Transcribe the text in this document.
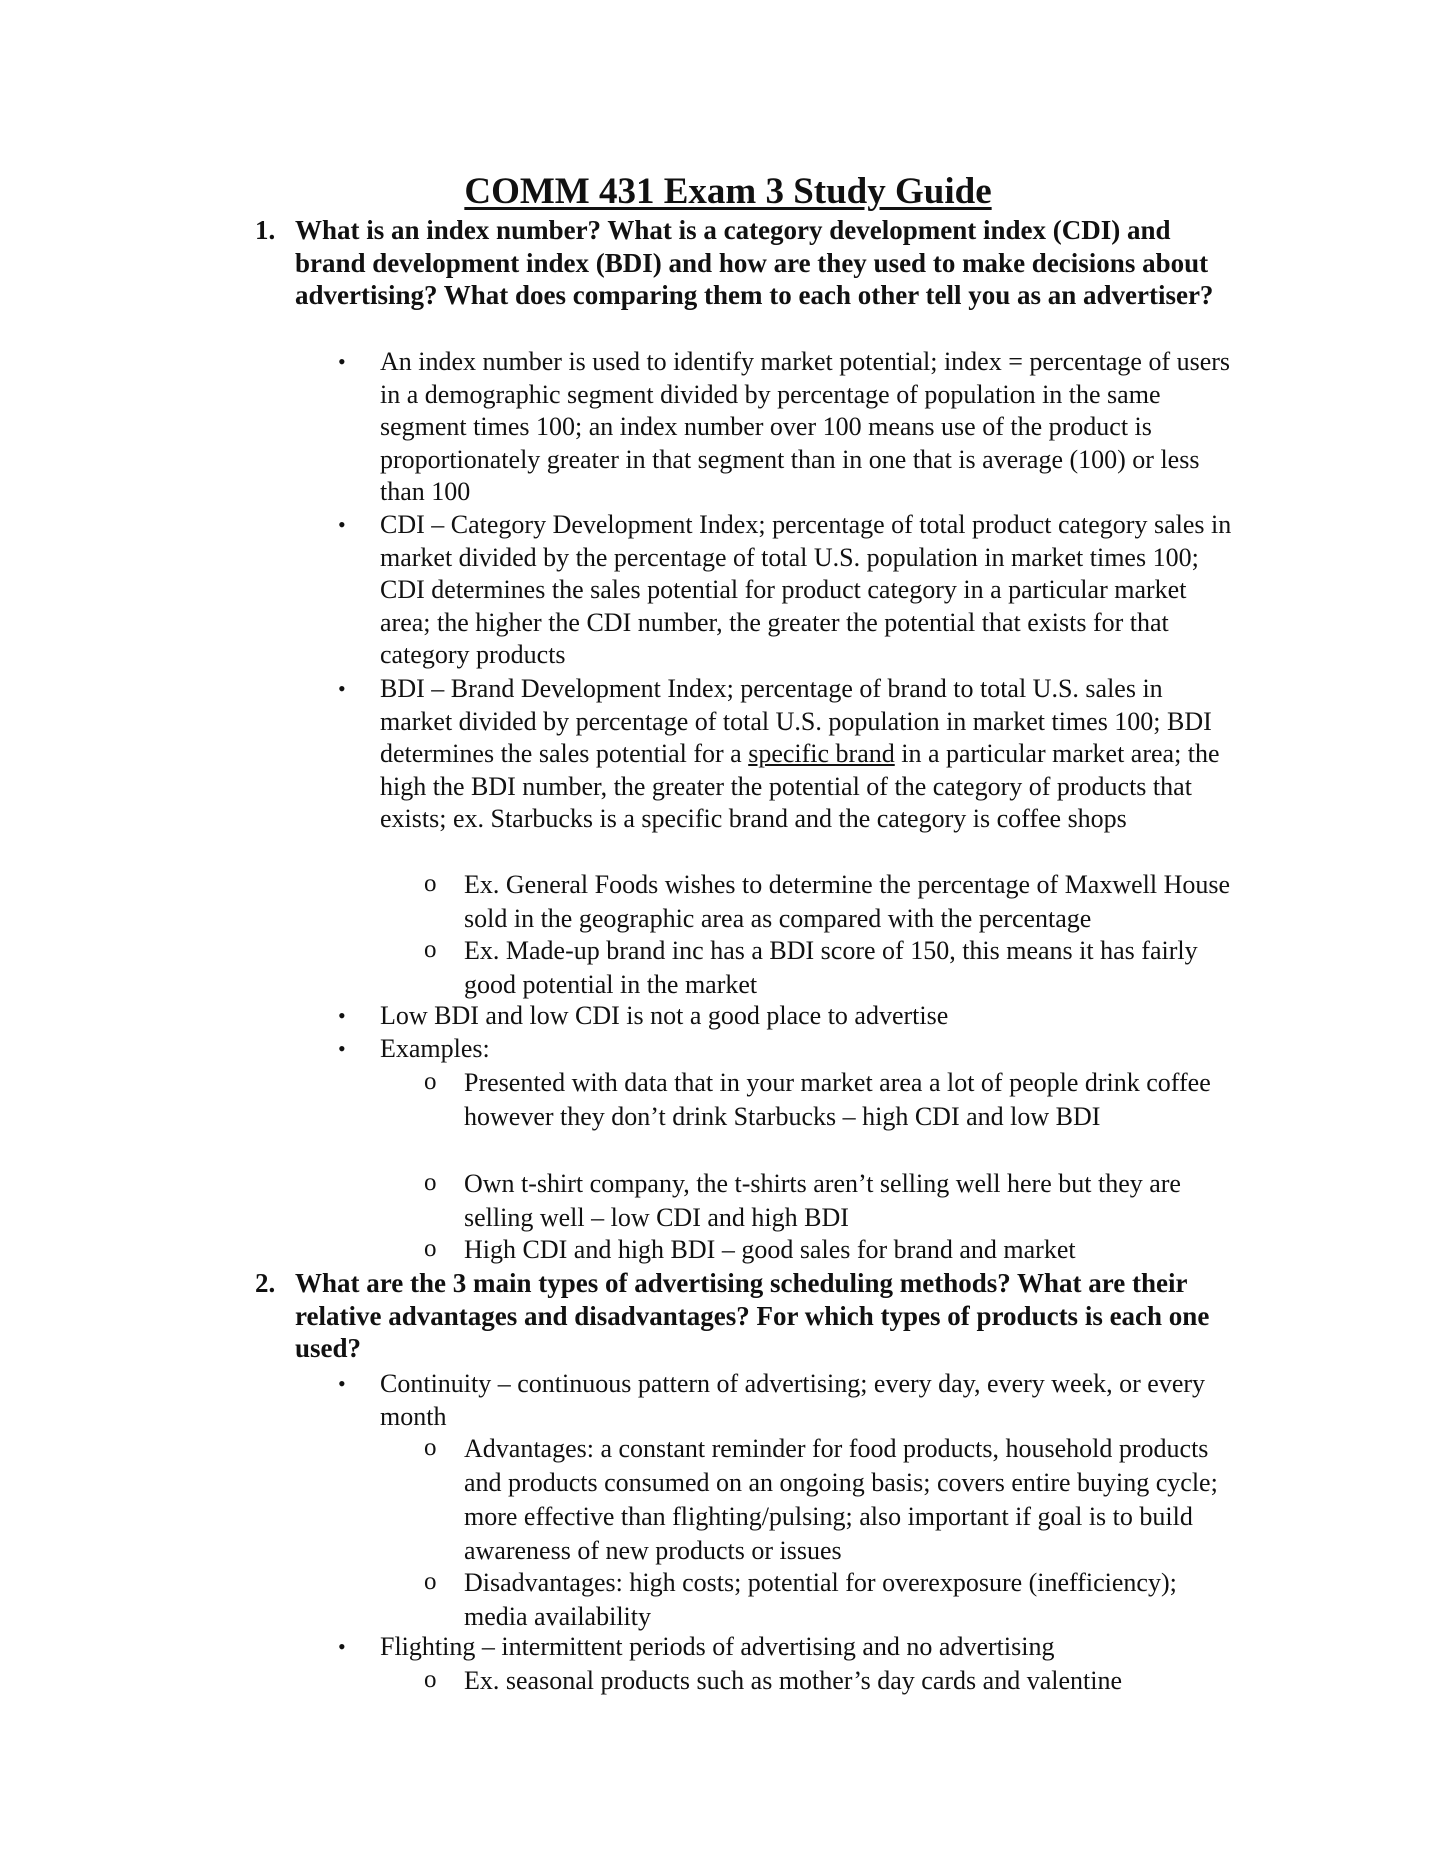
COMM 431 Exam 3 Study Guide
1. What is an index number? What is a category development index (CDI) and brand development index (BDI) and how are they used to make decisions about advertising? What does comparing them to each other tell you as an advertiser?
• An index number is used to identify market potential; index = percentage of users in a demographic segment divided by percentage of population in the same segment times 100; an index number over 100 means use of the product is proportionately greater in that segment than in one that is average (100) or less than 100
• CDI – Category Development Index; percentage of total product category sales in market divided by the percentage of total U.S. population in market times 100; CDI determines the sales potential for product category in a particular market area; the higher the CDI number, the greater the potential that exists for that category products
• BDI – Brand Development Index; percentage of brand to total U.S. sales in market divided by percentage of total U.S. population in market times 100; BDI determines the sales potential for a specific brand in a particular market area; the high the BDI number, the greater the potential of the category of products that exists; ex. Starbucks is a specific brand and the category is coffee shops
o Ex. General Foods wishes to determine the percentage of Maxwell House sold in the geographic area as compared with the percentage
o Ex. Made-up brand inc has a BDI score of 150, this means it has fairly good potential in the market
• Low BDI and low CDI is not a good place to advertise
• Examples:
o Presented with data that in your market area a lot of people drink coffee however they don’t drink Starbucks – high CDI and low BDI
o Own t-shirt company, the t-shirts aren’t selling well here but they are selling well – low CDI and high BDI
o High CDI and high BDI – good sales for brand and market
2. What are the 3 main types of advertising scheduling methods? What are their relative advantages and disadvantages? For which types of products is each one used?
• Continuity – continuous pattern of advertising; every day, every week, or every month
o Advantages: a constant reminder for food products, household products and products consumed on an ongoing basis; covers entire buying cycle; more effective than flighting/pulsing; also important if goal is to build awareness of new products or issues
o Disadvantages: high costs; potential for overexposure (inefficiency); media availability
• Flighting – intermittent periods of advertising and no advertising
o Ex. seasonal products such as mother’s day cards and valentine
